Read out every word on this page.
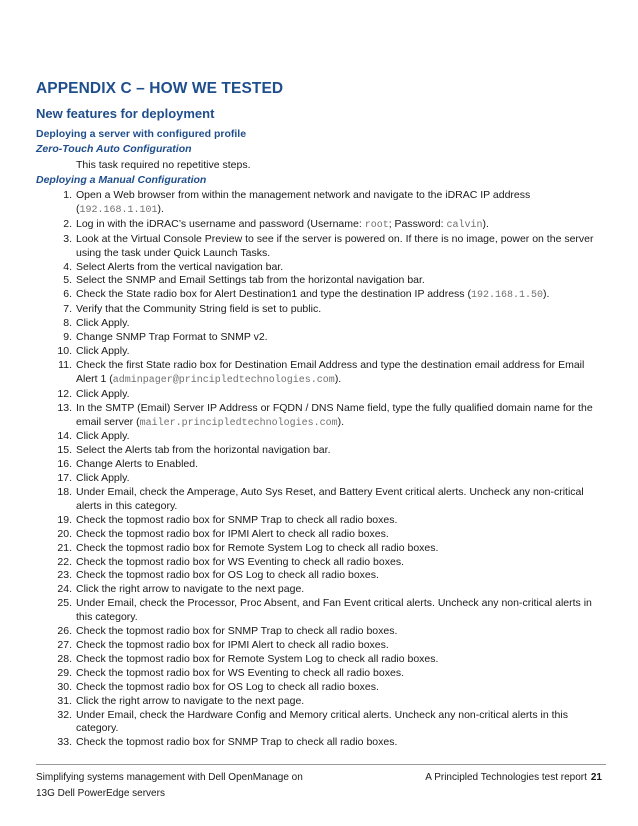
APPENDIX C – HOW WE TESTED
New features for deployment
Deploying a server with configured profile
Zero-Touch Auto Configuration
This task required no repetitive steps.
Deploying a Manual Configuration
1. Open a Web browser from within the management network and navigate to the iDRAC IP address (192.168.1.101).
2. Log in with the iDRAC’s username and password (Username: root; Password: calvin).
3. Look at the Virtual Console Preview to see if the server is powered on. If there is no image, power on the server using the task under Quick Launch Tasks.
4. Select Alerts from the vertical navigation bar.
5. Select the SNMP and Email Settings tab from the horizontal navigation bar.
6. Check the State radio box for Alert Destination1 and type the destination IP address (192.168.1.50).
7. Verify that the Community String field is set to public.
8. Click Apply.
9. Change SNMP Trap Format to SNMP v2.
10. Click Apply.
11. Check the first State radio box for Destination Email Address and type the destination email address for Email Alert 1 (adminpager@principledtechnologies.com).
12. Click Apply.
13. In the SMTP (Email) Server IP Address or FQDN / DNS Name field, type the fully qualified domain name for the email server (mailer.principledtechnologies.com).
14. Click Apply.
15. Select the Alerts tab from the horizontal navigation bar.
16. Change Alerts to Enabled.
17. Click Apply.
18. Under Email, check the Amperage, Auto Sys Reset, and Battery Event critical alerts. Uncheck any non-critical alerts in this category.
19. Check the topmost radio box for SNMP Trap to check all radio boxes.
20. Check the topmost radio box for IPMI Alert to check all radio boxes.
21. Check the topmost radio box for Remote System Log to check all radio boxes.
22. Check the topmost radio box for WS Eventing to check all radio boxes.
23. Check the topmost radio box for OS Log to check all radio boxes.
24. Click the right arrow to navigate to the next page.
25. Under Email, check the Processor, Proc Absent, and Fan Event critical alerts. Uncheck any non-critical alerts in this category.
26. Check the topmost radio box for SNMP Trap to check all radio boxes.
27. Check the topmost radio box for IPMI Alert to check all radio boxes.
28. Check the topmost radio box for Remote System Log to check all radio boxes.
29. Check the topmost radio box for WS Eventing to check all radio boxes.
30. Check the topmost radio box for OS Log to check all radio boxes.
31. Click the right arrow to navigate to the next page.
32. Under Email, check the Hardware Config and Memory critical alerts. Uncheck any non-critical alerts in this category.
33. Check the topmost radio box for SNMP Trap to check all radio boxes.
Simplifying systems management with Dell OpenManage on
13G Dell PowerEdge servers
A Principled Technologies test report 21
